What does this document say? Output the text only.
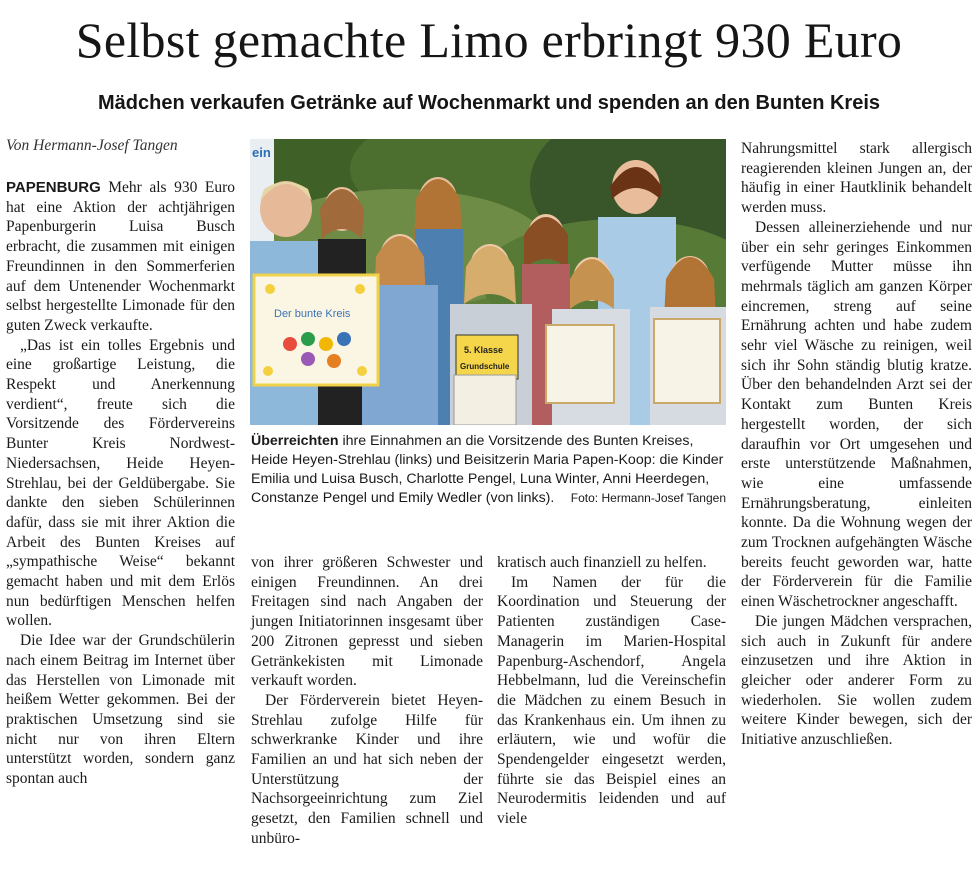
Selbst gemachte Limo erbringt 930 Euro
Mädchen verkaufen Getränke auf Wochenmarkt und spenden an den Bunten Kreis
Von Hermann-Josef Tangen

PAPENBURG Mehr als 930 Euro hat eine Aktion der achtjährigen Papenburgerin Luisa Busch erbracht, die zusammen mit einigen Freundinnen in den Sommerferien auf dem Untenender Wochenmarkt selbst hergestellte Limonade für den guten Zweck verkaufte.

„Das ist ein tolles Ergebnis und eine großartige Leistung, die Respekt und Anerkennung verdient“, freute sich die Vorsitzende des Fördervereins Bunter Kreis Nordwest-Niedersachsen, Heide Heyen-Strehlau, bei der Geldübergabe. Sie dankte den sieben Schülerinnen dafür, dass sie mit ihrer Aktion die Arbeit des Bunten Kreises auf „sympathische Weise“ bekannt gemacht haben und mit dem Erlös nun bedürftigen Menschen helfen wollen.

Die Idee war der Grundschülerin nach einem Beitrag im Internet über das Herstellen von Limonade mit heißem Wetter gekommen. Bei der praktischen Umsetzung sind sie nicht nur von ihren Eltern unterstützt worden, sondern ganz spontan auch

ein
Der bunte Kreis
5. Klasse
Grundschule
Überreichten ihre Einnahmen an die Vorsitzende des Bunten Kreises, Heide Heyen-Strehlau (links) und Beisitzerin Maria Papen-Koop: die Kinder Emilia und Luisa Busch, Charlotte Pengel, Luna Winter, Anni Heerdegen, Constanze Pengel und Emily Wedler (von links). Foto: Hermann-Josef Tangen

von ihrer größeren Schwester und einigen Freundinnen. An drei Freitagen sind nach Angaben der jungen Initiatorinnen insgesamt über 200 Zitronen gepresst und sieben Getränkekisten mit Limonade verkauft worden.

Der Förderverein bietet Heyen-Strehlau zufolge Hilfe für schwerkranke Kinder und ihre Familien an und hat sich neben der Unterstützung der Nachsorgeeinrichtung zum Ziel gesetzt, den Familien schnell und unbüro-

kratisch auch finanziell zu helfen.

Im Namen der für die Koordination und Steuerung der Patienten zuständigen Case-Managerin im Marien-Hospital Papenburg-Aschendorf, Angela Hebbelmann, lud die Vereinschefin die Mädchen zu einem Besuch in das Krankenhaus ein. Um ihnen zu erläutern, wie und wofür die Spendengelder eingesetzt werden, führte sie das Beispiel eines an Neurodermitis leidenden und auf viele

Nahrungsmittel stark allergisch reagierenden kleinen Jungen an, der häufig in einer Hautklinik behandelt werden muss.

Dessen alleinerziehende und nur über ein sehr geringes Einkommen verfügende Mutter müsse ihn mehrmals täglich am ganzen Körper eincremen, streng auf seine Ernährung achten und habe zudem sehr viel Wäsche zu reinigen, weil sich ihr Sohn ständig blutig kratze. Über den behandelnden Arzt sei der Kontakt zum Bunten Kreis hergestellt worden, der sich daraufhin vor Ort umgesehen und erste unterstützende Maßnahmen, wie eine umfassende Ernährungsberatung, einleiten konnte. Da die Wohnung wegen der zum Trocknen aufgehängten Wäsche bereits feucht geworden war, hatte der Förderverein für die Familie einen Wäschetrockner angeschafft.

Die jungen Mädchen versprachen, sich auch in Zukunft für andere einzusetzen und ihre Aktion in gleicher oder anderer Form zu wiederholen. Sie wollen zudem weitere Kinder bewegen, sich der Initiative anzuschließen.
